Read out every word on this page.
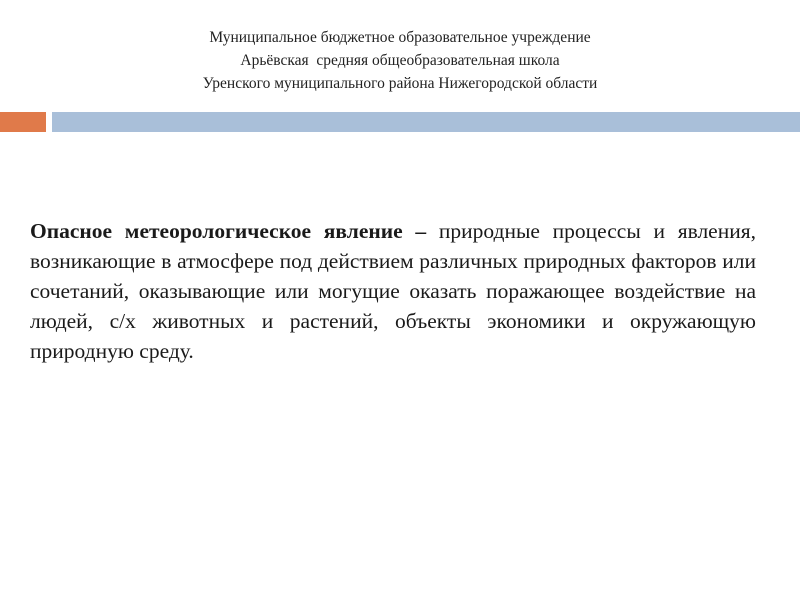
Муниципальное бюджетное образовательное учреждение
Арьёвская  средняя общеобразовательная школа
Уренского муниципального района Нижегородской области

Опасное метеорологическое явление – природные процессы и явления, возникающие в атмосфере под действием различных природных факторов или сочетаний, оказывающие или могущие оказать поражающее воздействие на людей, с/х животных и растений, объекты экономики и окружающую природную среду.
